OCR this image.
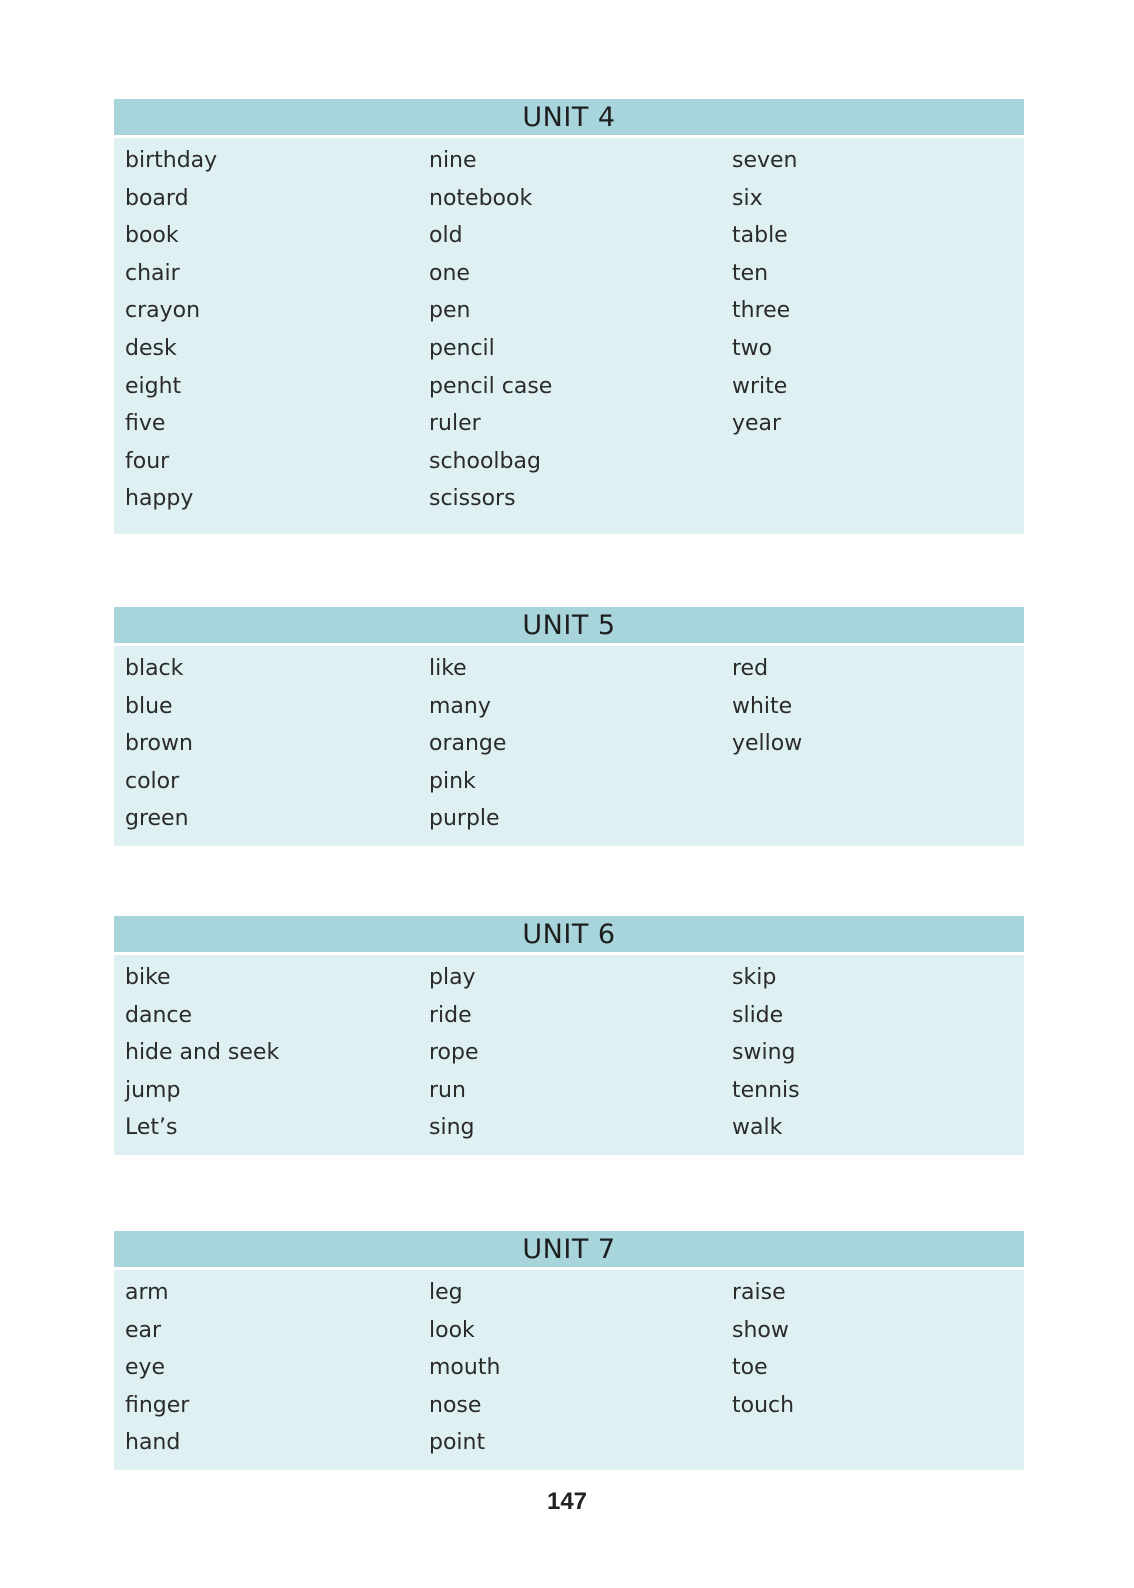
UNIT 4
birthday
board
book
chair
crayon
desk
eight
five
four
happy
nine
notebook
old
one
pen
pencil
pencil case
ruler
schoolbag
scissors
seven
six
table
ten
three
two
write
year
UNIT 5
black
blue
brown
color
green
like
many
orange
pink
purple
red
white
yellow
UNIT 6
bike
dance
hide and seek
jump
Let’s
play
ride
rope
run
sing
skip
slide
swing
tennis
walk
UNIT 7
arm
ear
eye
finger
hand
leg
look
mouth
nose
point
raise
show
toe
touch
147
